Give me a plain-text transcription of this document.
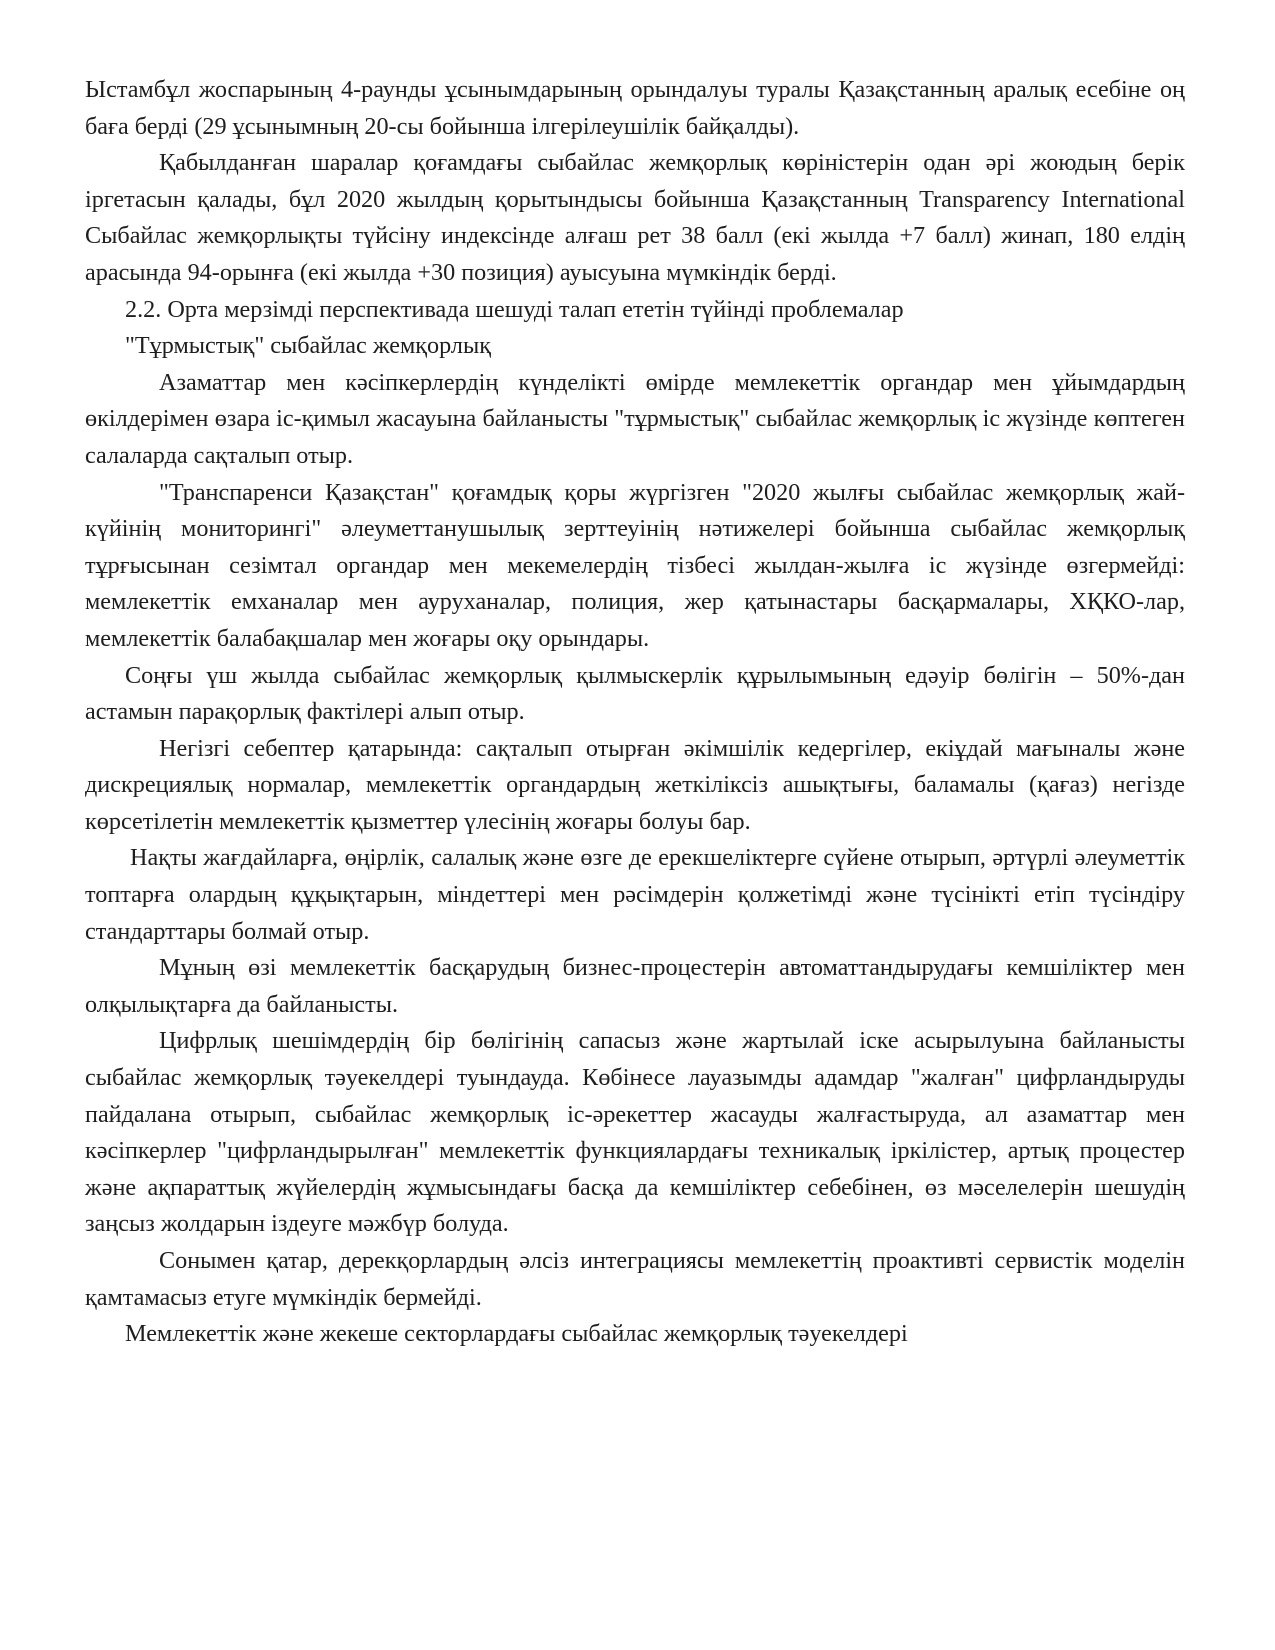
Ыстамбұл жоспарының 4-раунды ұсынымдарының орындалуы туралы Қазақстанның аралық есебіне оң баға берді (29 ұсынымның 20-сы бойынша ілгерілеушілік байқалды).

Қабылданған шаралар қоғамдағы сыбайлас жемқорлық көріністерін одан әрі жоюдың берік іргетасын қалады, бұл 2020 жылдың қорытындысы бойынша Қазақстанның Transparency International Сыбайлас жемқорлықты түйсіну индексінде алғаш рет 38 балл (екі жылда +7 балл) жинап, 180 елдің арасында 94-орынға (екі жылда +30 позиция) ауысуына мүмкіндік берді.

2.2. Орта мерзімді перспективада шешуді талап ететін түйінді проблемалар

"Тұрмыстық" сыбайлас жемқорлық

Азаматтар мен кәсіпкерлердің күнделікті өмірде мемлекеттік органдар мен ұйымдардың өкілдерімен өзара іс-қимыл жасауына байланысты "тұрмыстық" сыбайлас жемқорлық іс жүзінде көптеген салаларда сақталып отыр.

"Транспаренси Қазақстан" қоғамдық қоры жүргізген "2020 жылғы сыбайлас жемқорлық жай-күйінің мониторингі" әлеуметтанушылық зерттеуінің нәтижелері бойынша сыбайлас жемқорлық тұрғысынан сезімтал органдар мен мекемелердің тізбесі жылдан-жылға іс жүзінде өзгермейді: мемлекеттік емханалар мен ауруханалар, полиция, жер қатынастары басқармалары, ХҚКО-лар, мемлекеттік балабақшалар мен жоғары оқу орындары.

Соңғы үш жылда сыбайлас жемқорлық қылмыскерлік құрылымының едәуір бөлігін – 50%-дан астамын парақорлық фактілері алып отыр.

Негізгі себептер қатарында: сақталып отырған әкімшілік кедергілер, екіұдай мағыналы және дискрециялық нормалар, мемлекеттік органдардың жеткіліксіз ашықтығы, баламалы (қағаз) негізде көрсетілетін мемлекеттік қызметтер үлесінің жоғары болуы бар.

Нақты жағдайларға, өңірлік, салалық және өзге де ерекшеліктерге сүйене отырып, әртүрлі әлеуметтік топтарға олардың құқықтарын, міндеттері мен рәсімдерін қолжетімді және түсінікті етіп түсіндіру стандарттары болмай отыр.

Мұның өзі мемлекеттік басқарудың бизнес-процестерін автоматтандырудағы кемшіліктер мен олқылықтарға да байланысты.

Цифрлық шешімдердің бір бөлігінің сапасыз және жартылай іске асырылуына байланысты сыбайлас жемқорлық тәуекелдері туындауда. Көбінесе лауазымды адамдар "жалған" цифрландыруды пайдалана отырып, сыбайлас жемқорлық іс-әрекеттер жасауды жалғастыруда, ал азаматтар мен кәсіпкерлер "цифрландырылған" мемлекеттік функциялардағы техникалық іркілістер, артық процестер және ақпараттық жүйелердің жұмысындағы басқа да кемшіліктер себебінен, өз мәселелерін шешудің заңсыз жолдарын іздеуге мәжбүр болуда.

Сонымен қатар, дерекқорлардың әлсіз интеграциясы мемлекеттің проактивті сервистік моделін қамтамасыз етуге мүмкіндік бермейді.

Мемлекеттік және жекеше секторлардағы сыбайлас жемқорлық тәуекелдері
